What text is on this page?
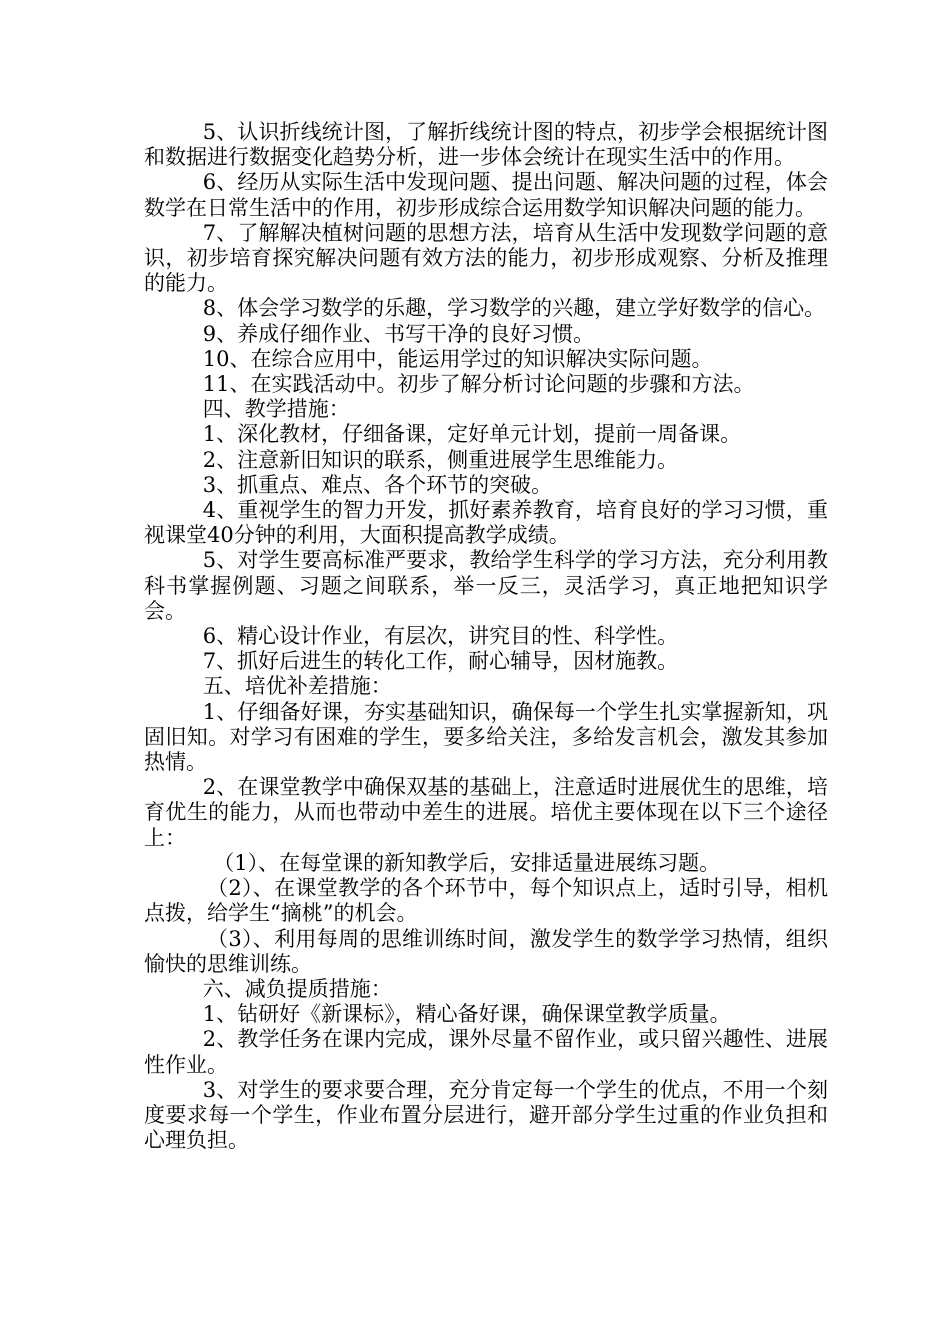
5、认识折线统计图，了解折线统计图的特点，初步学会根据统计图和数据进行数据变化趋势分析，进一步体会统计在现实生活中的作用。

6、经历从实际生活中发现问题、提出问题、解决问题的过程，体会数学在日常生活中的作用，初步形成综合运用数学知识解决问题的能力。

7、了解解决植树问题的思想方法，培育从生活中发现数学问题的意识，初步培育探究解决问题有效方法的能力，初步形成观察、分析及推理的能力。

8、体会学习数学的乐趣，学习数学的兴趣，建立学好数学的信心。

9、养成仔细作业、书写干净的良好习惯。

10、在综合应用中，能运用学过的知识解决实际问题。

11、在实践活动中。初步了解分析讨论问题的步骤和方法。

四、教学措施：

1、深化教材，仔细备课，定好单元计划，提前一周备课。

2、注意新旧知识的联系，侧重进展学生思维能力。

3、抓重点、难点、各个环节的突破。

4、重视学生的智力开发，抓好素养教育，培育良好的学习习惯，重视课堂40分钟的利用，大面积提高教学成绩。

5、对学生要高标准严要求，教给学生科学的学习方法，充分利用教科书掌握例题、习题之间联系，举一反三，灵活学习，真正地把知识学会。

6、精心设计作业，有层次，讲究目的性、科学性。

7、抓好后进生的转化工作，耐心辅导，因材施教。

五、培优补差措施：

1、仔细备好课，夯实基础知识，确保每一个学生扎实掌握新知，巩固旧知。对学习有困难的学生，要多给关注，多给发言机会，激发其参加热情。

2、在课堂教学中确保双基的基础上，注意适时进展优生的思维，培育优生的能力，从而也带动中差生的进展。培优主要体现在以下三个途径上：

（1）、在每堂课的新知教学后，安排适量进展练习题。

（2）、在课堂教学的各个环节中，每个知识点上，适时引导，相机点拨，给学生“摘桃”的机会。

（3）、利用每周的思维训练时间，激发学生的数学学习热情，组织愉快的思维训练。

六、减负提质措施：

1、钻研好《新课标》，精心备好课，确保课堂教学质量。

2、教学任务在课内完成，课外尽量不留作业，或只留兴趣性、进展性作业。

3、对学生的要求要合理，充分肯定每一个学生的优点，不用一个刻度要求每一个学生，作业布置分层进行，避开部分学生过重的作业负担和心理负担。
